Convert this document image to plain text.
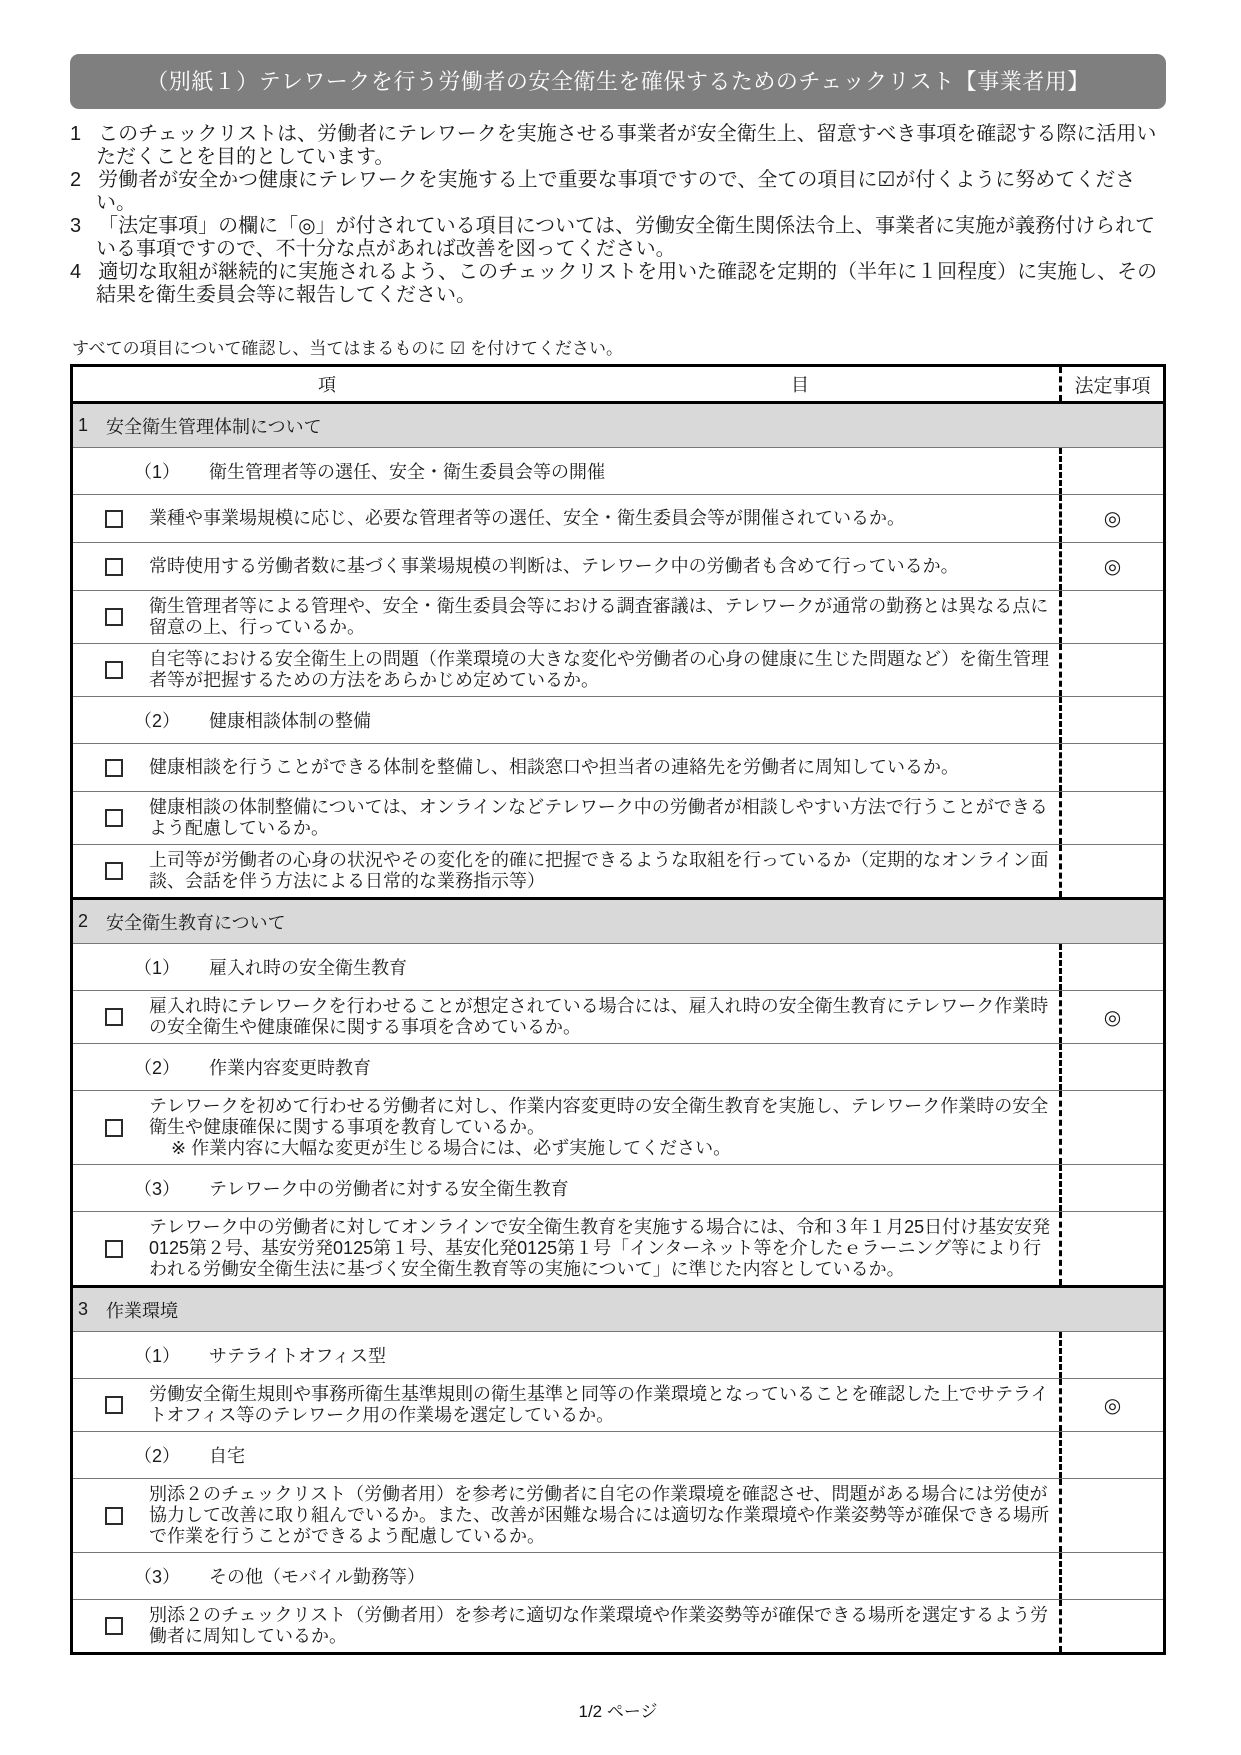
（別紙１）テレワークを行う労働者の安全衛生を確保するためのチェックリスト【事業者用】

1 このチェックリストは、労働者にテレワークを実施させる事業者が安全衛生上、留意すべき事項を確認する際に活用いただくことを目的としています。

2 労働者が安全かつ健康にテレワークを実施する上で重要な事項ですので、全ての項目に☑が付くように努めてください。

3 「法定事項」の欄に「◎」が付されている項目については、労働安全衛生関係法令上、事業者に実施が義務付けられている事項ですので、不十分な点があれば改善を図ってください。

4 適切な取組が継続的に実施されるよう、このチェックリストを用いた確認を定期的（半年に１回程度）に実施し、その結果を衛生委員会等に報告してください。

すべての項目について確認し、当てはまるものに ☑ を付けてください。

項	目	法定事項
1 安全衛生管理体制について
（1） 衛生管理者等の選任、安全・衛生委員会等の開催
業種や事業場規模に応じ、必要な管理者等の選任、安全・衛生委員会等が開催されているか。	◎
常時使用する労働者数に基づく事業場規模の判断は、テレワーク中の労働者も含めて行っているか。	◎
衛生管理者等による管理や、安全・衛生委員会等における調査審議は、テレワークが通常の勤務とは異なる点に留意の上、行っているか。
自宅等における安全衛生上の問題（作業環境の大きな変化や労働者の心身の健康に生じた問題など）を衛生管理者等が把握するための方法をあらかじめ定めているか。
（2） 健康相談体制の整備
健康相談を行うことができる体制を整備し、相談窓口や担当者の連絡先を労働者に周知しているか。
健康相談の体制整備については、オンラインなどテレワーク中の労働者が相談しやすい方法で行うことができるよう配慮しているか。
上司等が労働者の心身の状況やその変化を的確に把握できるような取組を行っているか（定期的なオンライン面談、会話を伴う方法による日常的な業務指示等）
2 安全衛生教育について
（1） 雇入れ時の安全衛生教育
雇入れ時にテレワークを行わせることが想定されている場合には、雇入れ時の安全衛生教育にテレワーク作業時の安全衛生や健康確保に関する事項を含めているか。	◎
（2） 作業内容変更時教育
テレワークを初めて行わせる労働者に対し、作業内容変更時の安全衛生教育を実施し、テレワーク作業時の安全衛生や健康確保に関する事項を教育しているか。
※ 作業内容に大幅な変更が生じる場合には、必ず実施してください。
（3） テレワーク中の労働者に対する安全衛生教育
テレワーク中の労働者に対してオンラインで安全衛生教育を実施する場合には、令和３年１月25日付け基安安発0125第２号、基安労発0125第１号、基安化発0125第１号「インターネット等を介したｅラーニング等により行われる労働安全衛生法に基づく安全衛生教育等の実施について」に準じた内容としているか。
3 作業環境
（1） サテライトオフィス型
労働安全衛生規則や事務所衛生基準規則の衛生基準と同等の作業環境となっていることを確認した上でサテライトオフィス等のテレワーク用の作業場を選定しているか。	◎
（2） 自宅
別添２のチェックリスト（労働者用）を参考に労働者に自宅の作業環境を確認させ、問題がある場合には労使が協力して改善に取り組んでいるか。また、改善が困難な場合には適切な作業環境や作業姿勢等が確保できる場所で作業を行うことができるよう配慮しているか。
（3） その他（モバイル勤務等）
別添２のチェックリスト（労働者用）を参考に適切な作業環境や作業姿勢等が確保できる場所を選定するよう労働者に周知しているか。
1/2 ページ
